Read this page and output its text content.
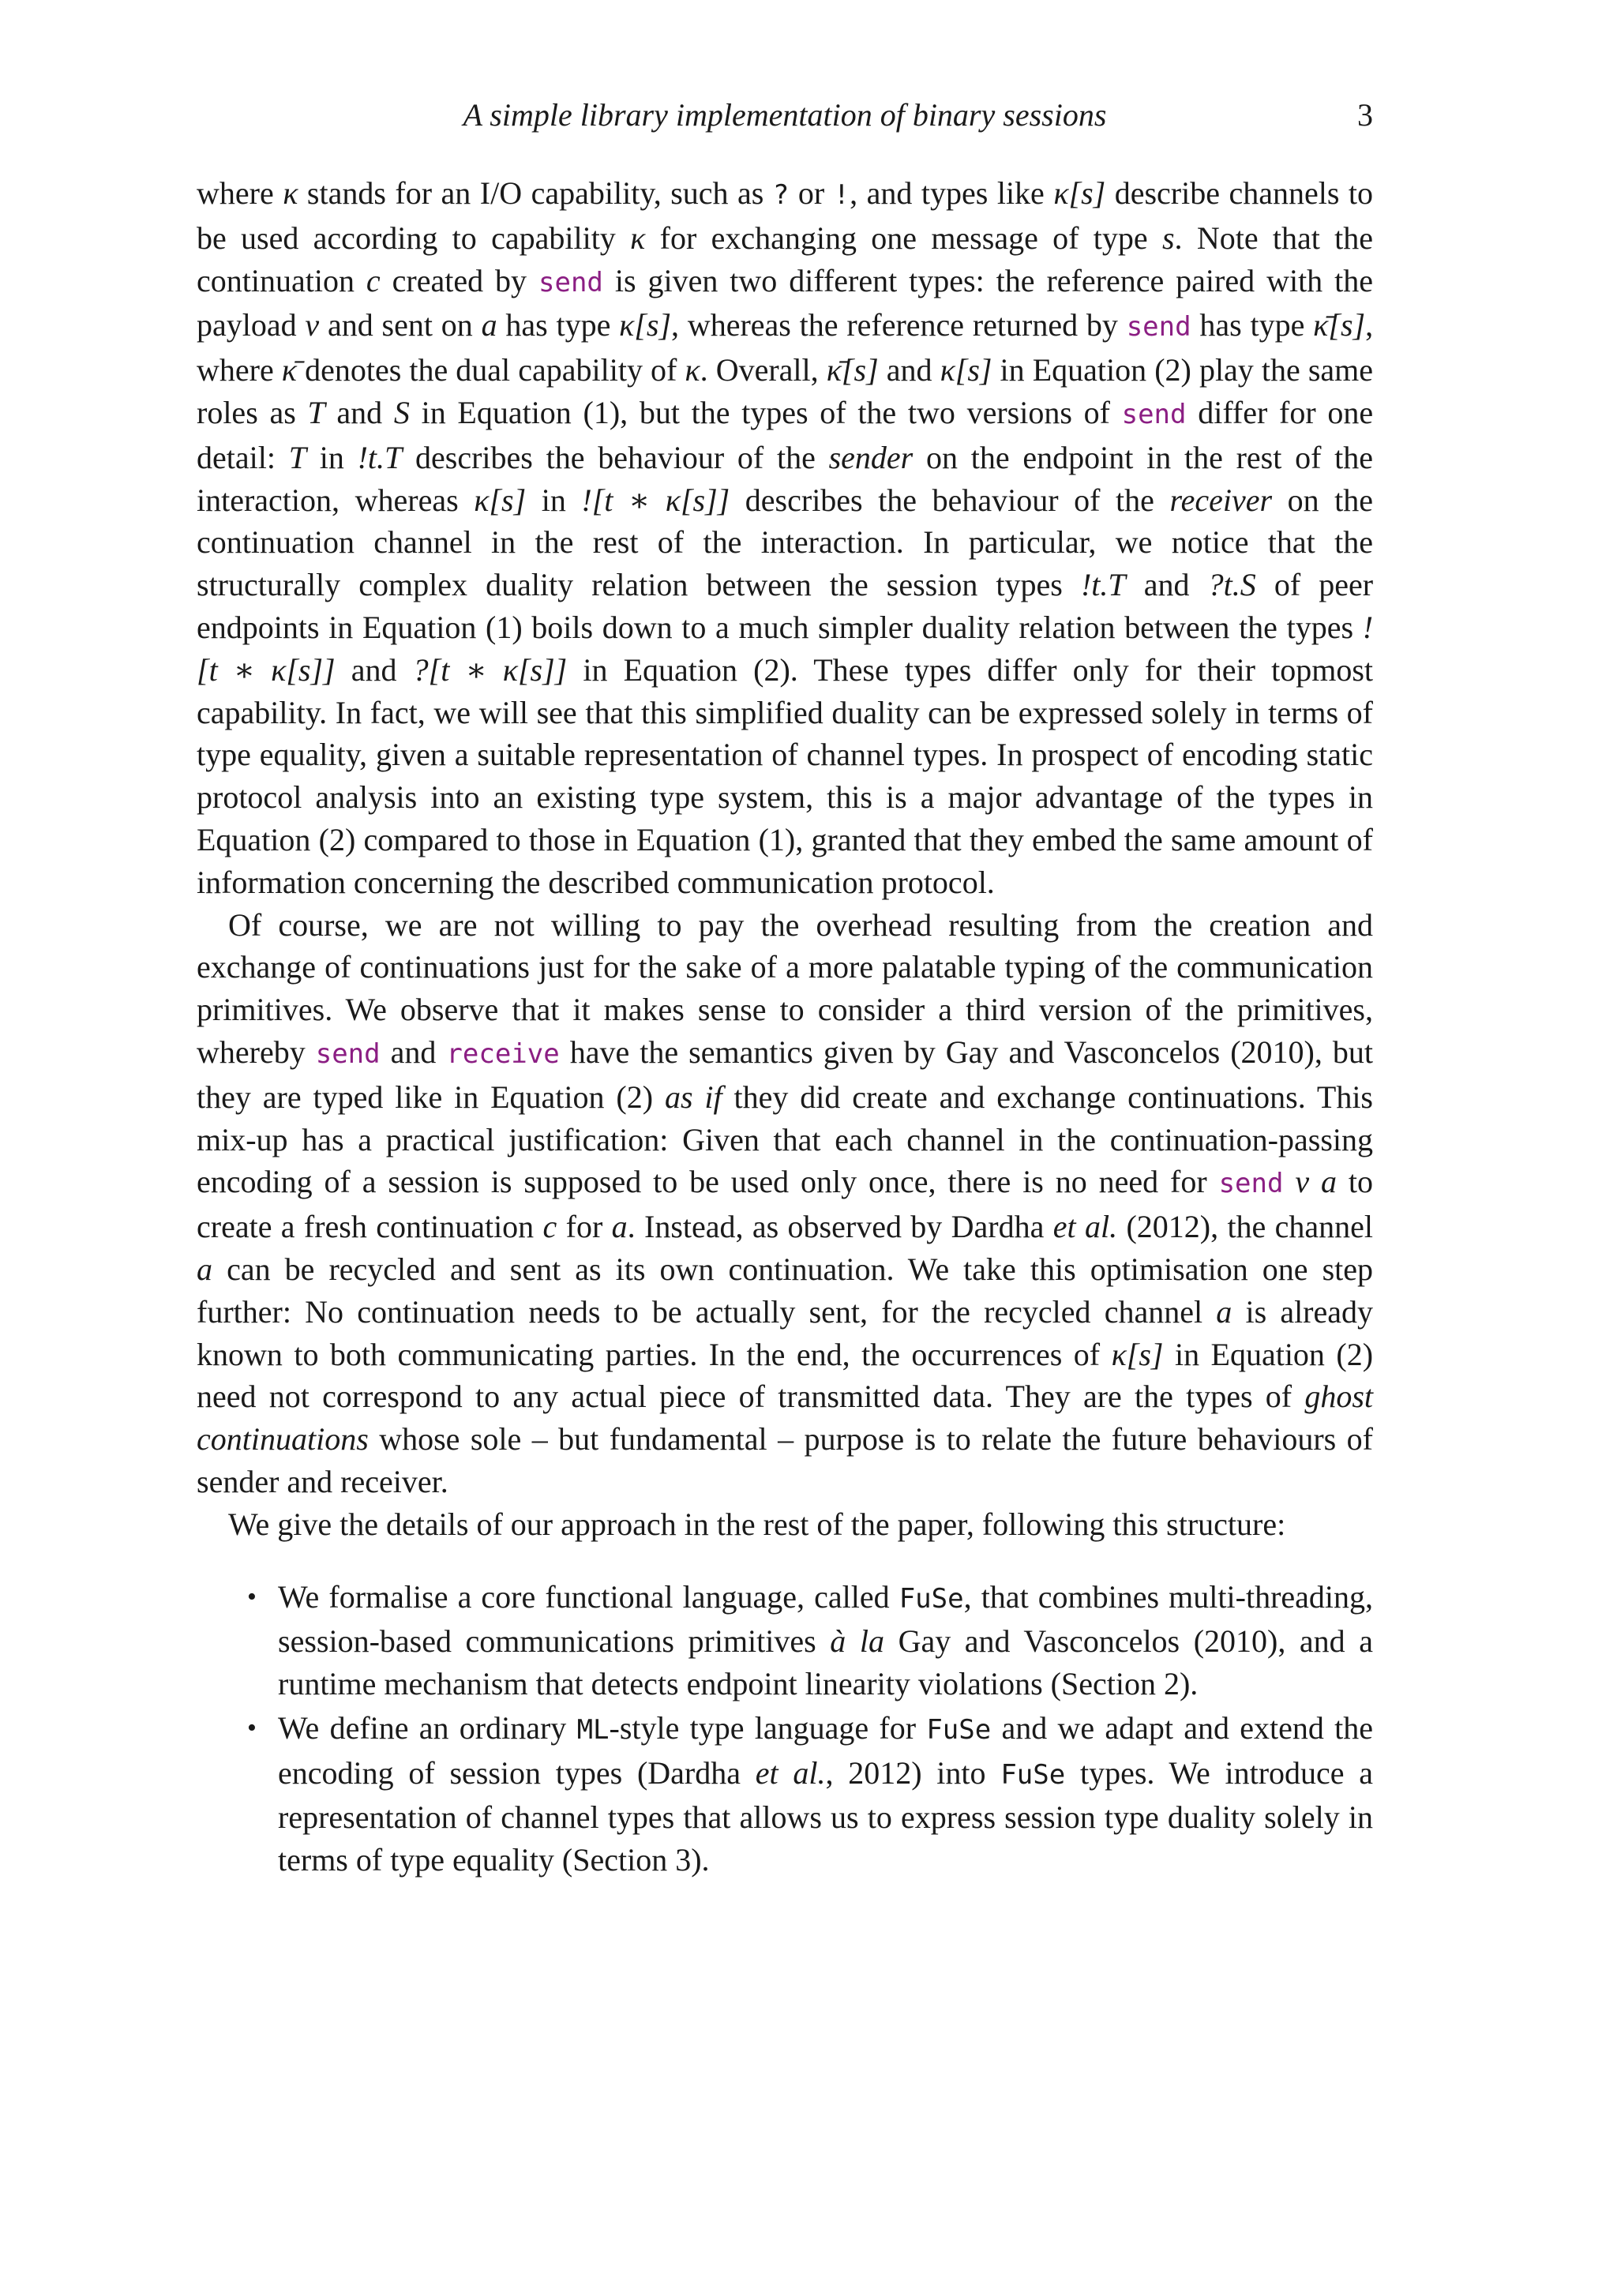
A simple library implementation of binary sessions	3

where κ stands for an I/O capability, such as ? or !, and types like κ[s] describe channels to be used according to capability κ for exchanging one message of type s. Note that the continuation c created by send is given two different types: the reference paired with the payload v and sent on a has type κ[s], whereas the reference returned by send has type κ̄[s], where κ̄ denotes the dual capability of κ. Overall, κ̄[s] and κ[s] in Equation (2) play the same roles as T and S in Equation (1), but the types of the two versions of send differ for one detail: T in !t.T describes the behaviour of the sender on the endpoint in the rest of the interaction, whereas κ[s] in ![t ∗ κ[s]] describes the behaviour of the receiver on the continuation channel in the rest of the interaction. In particular, we notice that the structurally complex duality relation between the session types !t.T and ?t.S of peer endpoints in Equation (1) boils down to a much simpler duality relation between the types ![t ∗ κ[s]] and ?[t ∗ κ[s]] in Equation (2). These types differ only for their topmost capability. In fact, we will see that this simplified duality can be expressed solely in terms of type equality, given a suitable representation of channel types. In prospect of encoding static protocol analysis into an existing type system, this is a major advantage of the types in Equation (2) compared to those in Equation (1), granted that they embed the same amount of information concerning the described communication protocol.

Of course, we are not willing to pay the overhead resulting from the creation and exchange of continuations just for the sake of a more palatable typing of the communication primitives. We observe that it makes sense to consider a third version of the primitives, whereby send and receive have the semantics given by Gay and Vasconcelos (2010), but they are typed like in Equation (2) as if they did create and exchange continuations. This mix-up has a practical justification: Given that each channel in the continuation-passing encoding of a session is supposed to be used only once, there is no need for send v a to create a fresh continuation c for a. Instead, as observed by Dardha et al. (2012), the channel a can be recycled and sent as its own continuation. We take this optimisation one step further: No continuation needs to be actually sent, for the recycled channel a is already known to both communicating parties. In the end, the occurrences of κ[s] in Equation (2) need not correspond to any actual piece of transmitted data. They are the types of ghost continuations whose sole – but fundamental – purpose is to relate the future behaviours of sender and receiver.

We give the details of our approach in the rest of the paper, following this structure:

• We formalise a core functional language, called FuSe, that combines multi-threading, session-based communications primitives à la Gay and Vasconcelos (2010), and a runtime mechanism that detects endpoint linearity violations (Section 2).
• We define an ordinary ML-style type language for FuSe and we adapt and extend the encoding of session types (Dardha et al., 2012) into FuSe types. We introduce a representation of channel types that allows us to express session type duality solely in terms of type equality (Section 3).
